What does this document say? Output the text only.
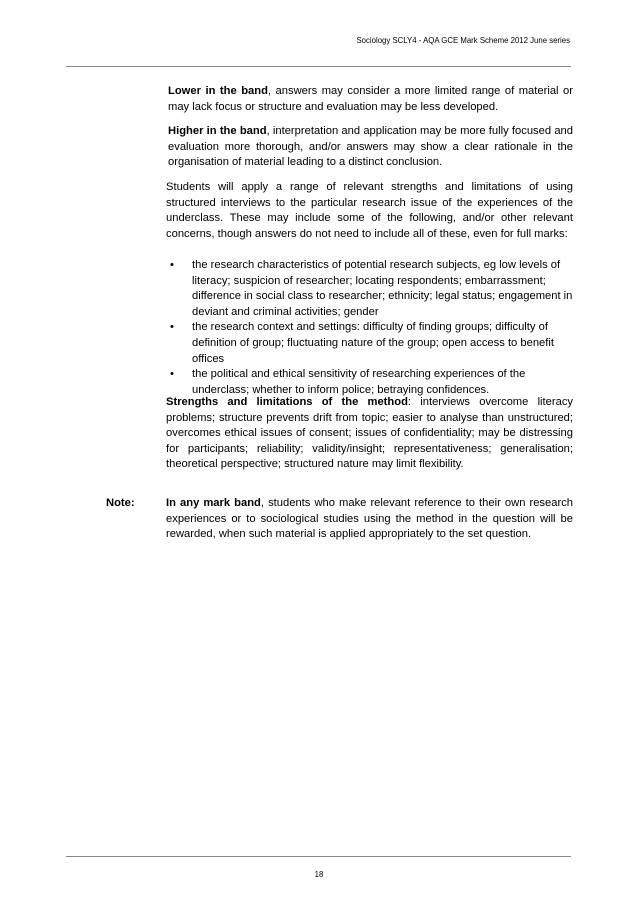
Sociology SCLY4 - AQA GCE Mark Scheme 2012 June series
Lower in the band, answers may consider a more limited range of material or may lack focus or structure and evaluation may be less developed.
Higher in the band, interpretation and application may be more fully focused and evaluation more thorough, and/or answers may show a clear rationale in the organisation of material leading to a distinct conclusion.
Students will apply a range of relevant strengths and limitations of using structured interviews to the particular research issue of the experiences of the underclass. These may include some of the following, and/or other relevant concerns, though answers do not need to include all of these, even for full marks:
• the research characteristics of potential research subjects, eg low levels of literacy; suspicion of researcher; locating respondents; embarrassment; difference in social class to researcher; ethnicity; legal status; engagement in deviant and criminal activities; gender
• the research context and settings: difficulty of finding groups; difficulty of definition of group; fluctuating nature of the group; open access to benefit offices
• the political and ethical sensitivity of researching experiences of the underclass; whether to inform police; betraying confidences.
Strengths and limitations of the method: interviews overcome literacy problems; structure prevents drift from topic; easier to analyse than unstructured; overcomes ethical issues of consent; issues of confidentiality; may be distressing for participants; reliability; validity/insight; representativeness; generalisation; theoretical perspective; structured nature may limit flexibility.
Note:	In any mark band, students who make relevant reference to their own research experiences or to sociological studies using the method in the question will be rewarded, when such material is applied appropriately to the set question.
18
